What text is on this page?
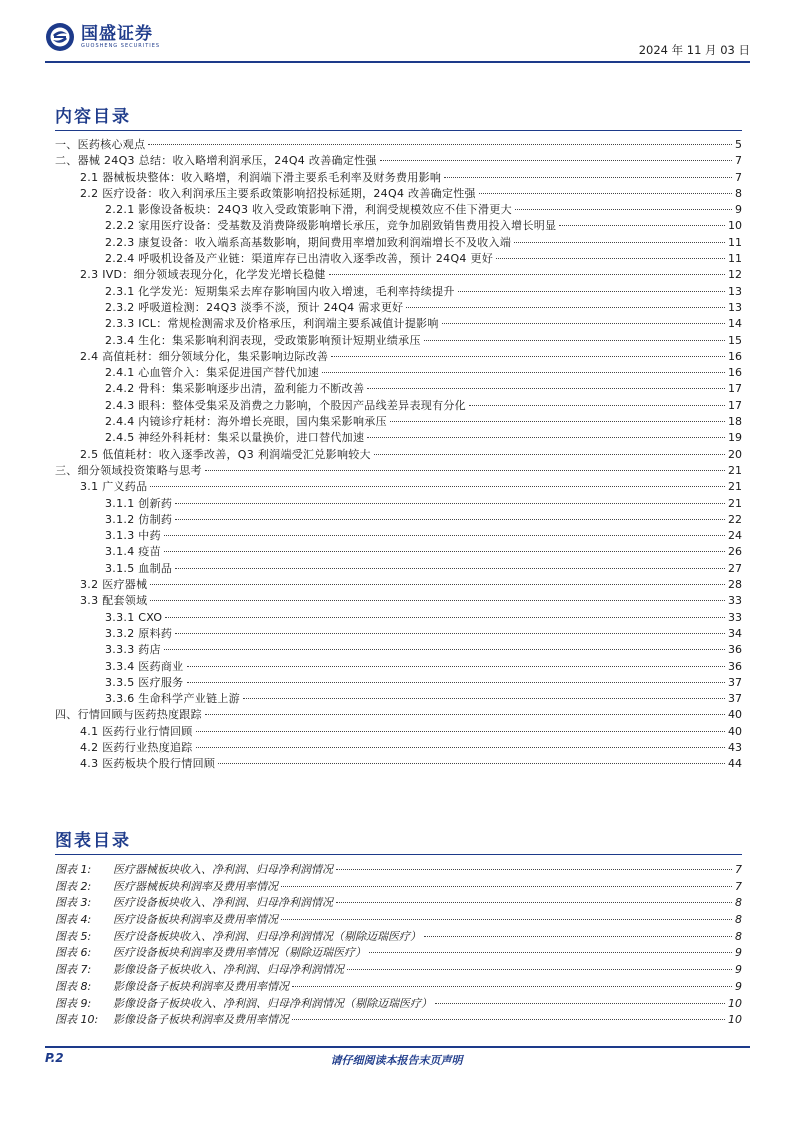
国盛证券
GUOSHENG SECURITIES	2024 年 11 月 03 日
内容目录
一、医药核心观点	5
二、器械 24Q3 总结：收入略增利润承压，24Q4 改善确定性强	7
2.1 器械板块整体：收入略增，利润端下滑主要系毛利率及财务费用影响	7
2.2 医疗设备：收入利润承压主要系政策影响招投标延期，24Q4 改善确定性强	8
2.2.1 影像设备板块：24Q3 收入受政策影响下滑，利润受规模效应不佳下滑更大	9
2.2.2 家用医疗设备：受基数及消费降级影响增长承压，竞争加剧致销售费用投入增长明显	10
2.2.3 康复设备：收入端系高基数影响，期间费用率增加致利润端增长不及收入端	11
2.2.4 呼吸机设备及产业链：渠道库存已出清收入逐季改善，预计 24Q4 更好	11
2.3 IVD：细分领域表现分化，化学发光增长稳健	12
2.3.1 化学发光：短期集采去库存影响国内收入增速，毛利率持续提升	13
2.3.2 呼吸道检测：24Q3 淡季不淡，预计 24Q4 需求更好	13
2.3.3 ICL：常规检测需求及价格承压，利润端主要系减值计提影响	14
2.3.4 生化：集采影响利润表现，受政策影响预计短期业绩承压	15
2.4 高值耗材：细分领域分化，集采影响边际改善	16
2.4.1 心血管介入：集采促进国产替代加速	16
2.4.2 骨科：集采影响逐步出清，盈利能力不断改善	17
2.4.3 眼科：整体受集采及消费之力影响，个股因产品线差异表现有分化	17
2.4.4 内镜诊疗耗材：海外增长亮眼，国内集采影响承压	18
2.4.5 神经外科耗材：集采以量换价，进口替代加速	19
2.5 低值耗材：收入逐季改善，Q3 利润端受汇兑影响较大	20
三、细分领域投资策略与思考	21
3.1 广义药品	21
3.1.1 创新药	21
3.1.2 仿制药	22
3.1.3 中药	24
3.1.4 疫苗	26
3.1.5 血制品	27
3.2 医疗器械	28
3.3 配套领域	33
3.3.1 CXO	33
3.3.2 原料药	34
3.3.3 药店	36
3.3.4 医药商业	36
3.3.5 医疗服务	37
3.3.6 生命科学产业链上游	37
四、行情回顾与医药热度跟踪	40
4.1 医药行业行情回顾	40
4.2 医药行业热度追踪	43
4.3 医药板块个股行情回顾	44
图表目录
图表 1:	医疗器械板块收入、净利润、归母净利润情况	7
图表 2:	医疗器械板块利润率及费用率情况	7
图表 3:	医疗设备板块收入、净利润、归母净利润情况	8
图表 4:	医疗设备板块利润率及费用率情况	8
图表 5:	医疗设备板块收入、净利润、归母净利润情况（剔除迈瑞医疗）	8
图表 6:	医疗设备板块利润率及费用率情况（剔除迈瑞医疗）	9
图表 7:	影像设备子板块收入、净利润、归母净利润情况	9
图表 8:	影像设备子板块利润率及费用率情况	9
图表 9:	影像设备子板块收入、净利润、归母净利润情况（剔除迈瑞医疗）	10
图表 10:	影像设备子板块利润率及费用率情况	10
P.2	请仔细阅读本报告末页声明
